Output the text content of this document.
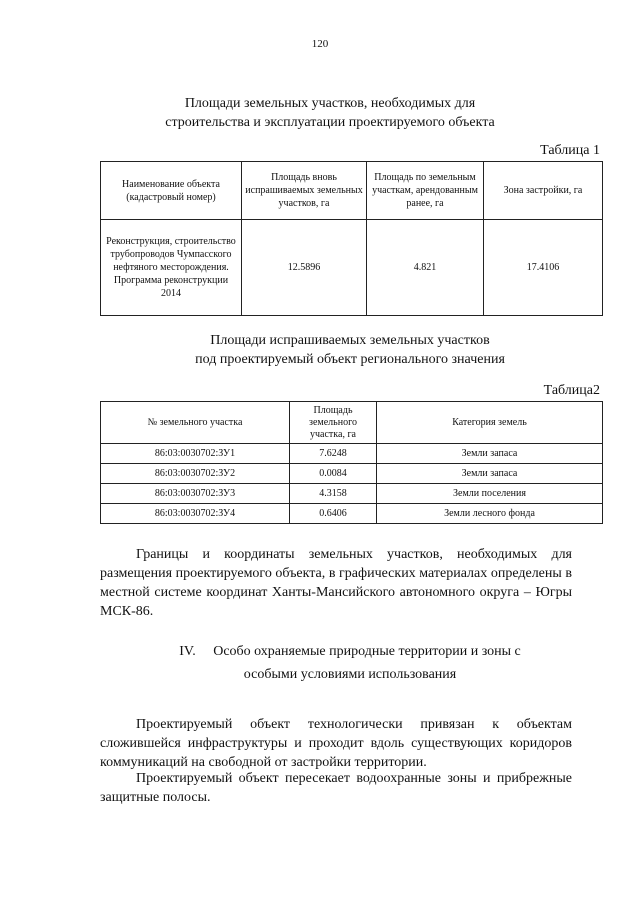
120
Площади земельных участков, необходимых для
строительства и эксплуатации проектируемого объекта
Таблица 1
Наименование объекта (кадастровый номер)	Площадь вновь испрашиваемых земельных участков, га	Площадь по земельным участкам, арендованным ранее, га	Зона застройки, га
Реконструкция, строительство трубопроводов Чумпасского нефтяного месторождения. Программа реконструкции 2014	12.5896	4.821	17.4106
Площади испрашиваемых земельных участков
под проектируемый объект регионального значения
Таблица2
№ земельного участка	Площадь земельного участка, га	Категория земель
86:03:0030702:ЗУ1	7.6248	Земли запаса
86:03:0030702:ЗУ2	0.0084	Земли запаса
86:03:0030702:ЗУ3	4.3158	Земли поселения
86:03:0030702:ЗУ4	0.6406	Земли лесного фонда
Границы и координаты земельных участков, необходимых для размещения проектируемого объекта, в графических материалах определены в местной системе координат Ханты-Мансийского автономного округа – Югры МСК-86.
IV. Особо охраняемые природные территории и зоны с
особыми условиями использования
Проектируемый объект технологически привязан к объектам сложившейся инфраструктуры и проходит вдоль существующих коридоров коммуникаций на свободной от застройки территории.
Проектируемый объект пересекает водоохранные зоны и прибрежные защитные полосы.
